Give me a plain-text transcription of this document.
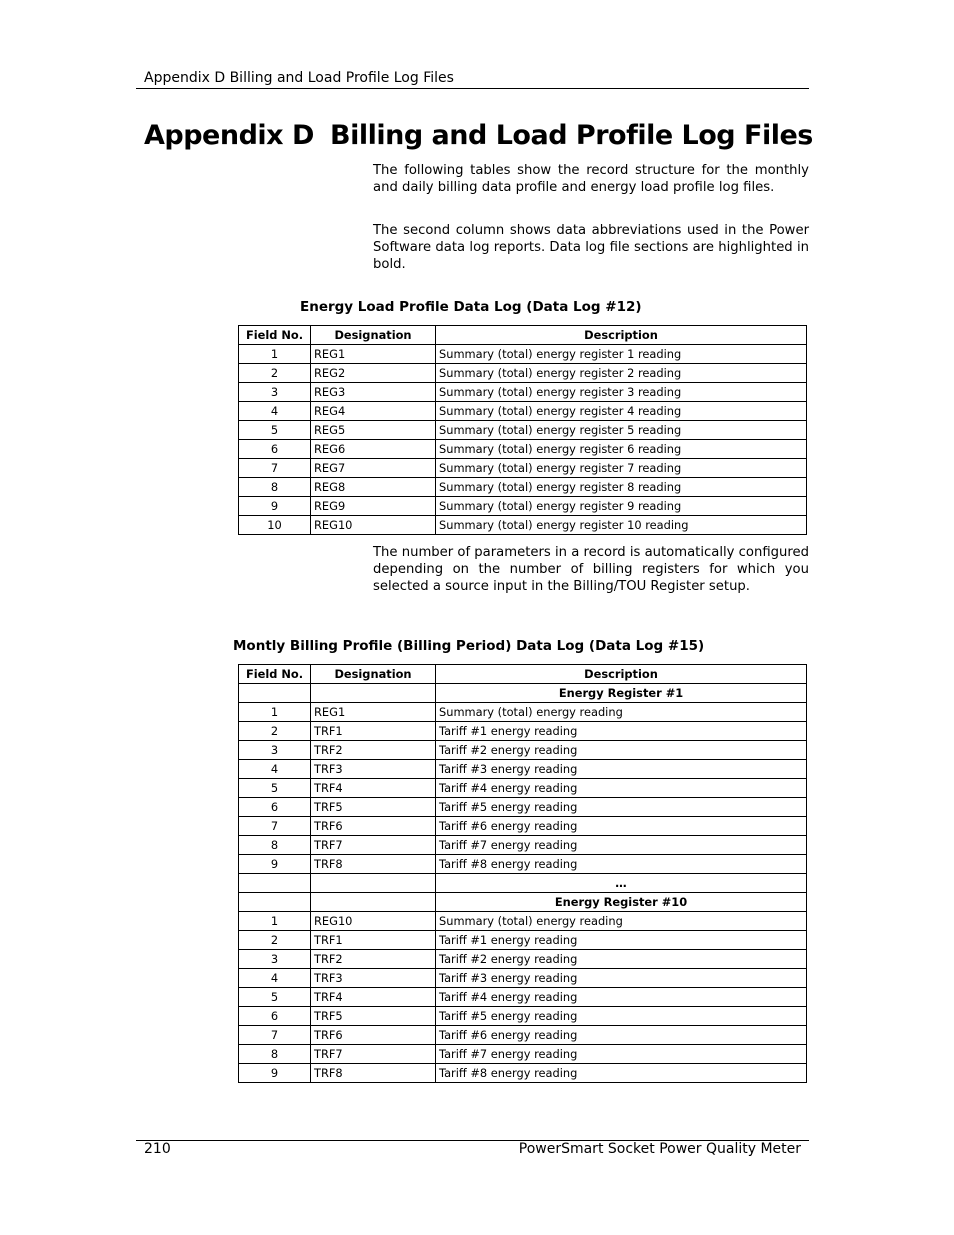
Appendix D Billing and Load Profile Log Files
Appendix D Billing and Load Profile Log Files

The following tables show the record structure for the monthly and daily billing data profile and energy load profile log files.

The second column shows data abbreviations used in the Power Software data log reports. Data log file sections are highlighted in bold.

Energy Load Profile Data Log (Data Log #12)
Field No.	Designation	Description
1	REG1	Summary (total) energy register 1 reading
2	REG2	Summary (total) energy register 2 reading
3	REG3	Summary (total) energy register 3 reading
4	REG4	Summary (total) energy register 4 reading
5	REG5	Summary (total) energy register 5 reading
6	REG6	Summary (total) energy register 6 reading
7	REG7	Summary (total) energy register 7 reading
8	REG8	Summary (total) energy register 8 reading
9	REG9	Summary (total) energy register 9 reading
10	REG10	Summary (total) energy register 10 reading

The number of parameters in a record is automatically configured depending on the number of billing registers for which you selected a source input in the Billing/TOU Register setup.

Montly Billing Profile (Billing Period) Data Log (Data Log #15)
Field No.	Designation	Description
		Energy Register #1
1	REG1	Summary (total) energy reading
2	TRF1	Tariff #1 energy reading
3	TRF2	Tariff #2 energy reading
4	TRF3	Tariff #3 energy reading
5	TRF4	Tariff #4 energy reading
6	TRF5	Tariff #5 energy reading
7	TRF6	Tariff #6 energy reading
8	TRF7	Tariff #7 energy reading
9	TRF8	Tariff #8 energy reading
		…
		Energy Register #10
1	REG10	Summary (total) energy reading
2	TRF1	Tariff #1 energy reading
3	TRF2	Tariff #2 energy reading
4	TRF3	Tariff #3 energy reading
5	TRF4	Tariff #4 energy reading
6	TRF5	Tariff #5 energy reading
7	TRF6	Tariff #6 energy reading
8	TRF7	Tariff #7 energy reading
9	TRF8	Tariff #8 energy reading
210	PowerSmart Socket Power Quality Meter
